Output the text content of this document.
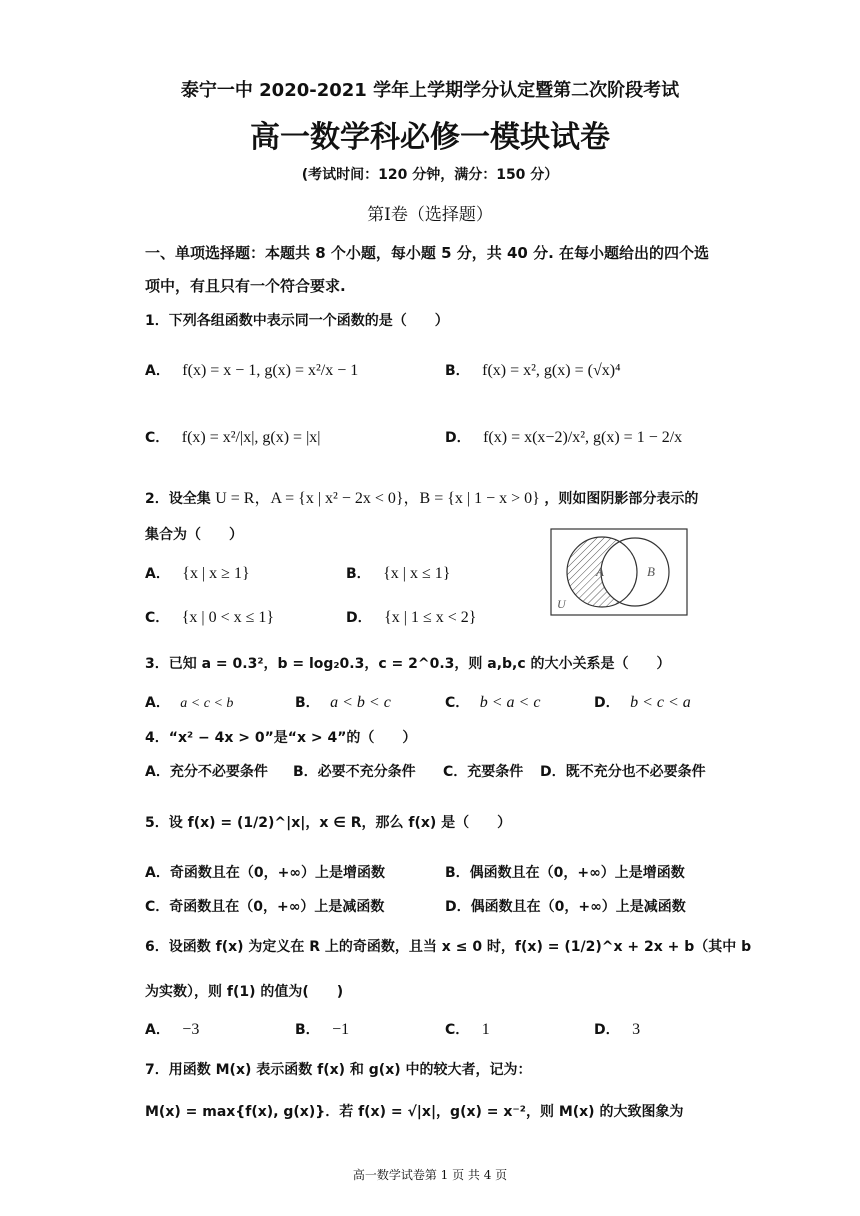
泰宁一中 2020-2021 学年上学期学分认定暨第二次阶段考试
高一数学科必修一模块试卷
(考试时间：120 分钟，满分：150 分）
第Ⅰ卷（选择题）
一、单项选择题：本题共 8 个小题，每小题 5 分，共 40 分. 在每小题给出的四个选
项中，有且只有一个符合要求.
1．下列各组函数中表示同一个函数的是（　　）
A． f(x) = x − 1, g(x) = x²/x − 1	B． f(x) = x², g(x) = (√x)⁴
C． f(x) = x²/|x|, g(x) = |x|	D． f(x) = x(x−2)/x², g(x) = 1 − 2/x
2．设全集 U = R，A = {x | x² − 2x < 0}，B = {x | 1 − x > 0} ，则如图阴影部分表示的
集合为（　　）
A． {x | x ≥ 1}	B． {x | x ≤ 1}
C． {x | 0 < x ≤ 1}	D． {x | 1 ≤ x < 2}
A	B
U
3．已知 a = 0.3²，b = log₂0.3，c = 2^0.3，则 a,b,c 的大小关系是（　　）
A． a < c < b	B． a < b < c	C． b < a < c	D． b < c < a
4．“x² − 4x > 0”是“x > 4”的（　　）
A．充分不必要条件 B．必要不充分条件 C．充要条件 D．既不充分也不必要条件
5．设 f(x) = (1/2)^|x|，x ∈ R，那么 f(x) 是（　　）
A．奇函数且在（0，+∞）上是增函数	B．偶函数且在（0，+∞）上是增函数
C．奇函数且在（0，+∞）上是减函数	D．偶函数且在（0，+∞）上是减函数
6．设函数 f(x) 为定义在 R 上的奇函数，且当 x ≤ 0 时，f(x) = (1/2)^x + 2x + b（其中 b
为实数），则 f(1) 的值为(　　)
A． −3	B． −1	C． 1	D． 3
7．用函数 M(x) 表示函数 f(x) 和 g(x) 中的较大者，记为：
M(x) = max{f(x), g(x)}．若 f(x) = √|x|，g(x) = x⁻²，则 M(x) 的大致图象为
高一数学试卷第 1 页 共 4 页
